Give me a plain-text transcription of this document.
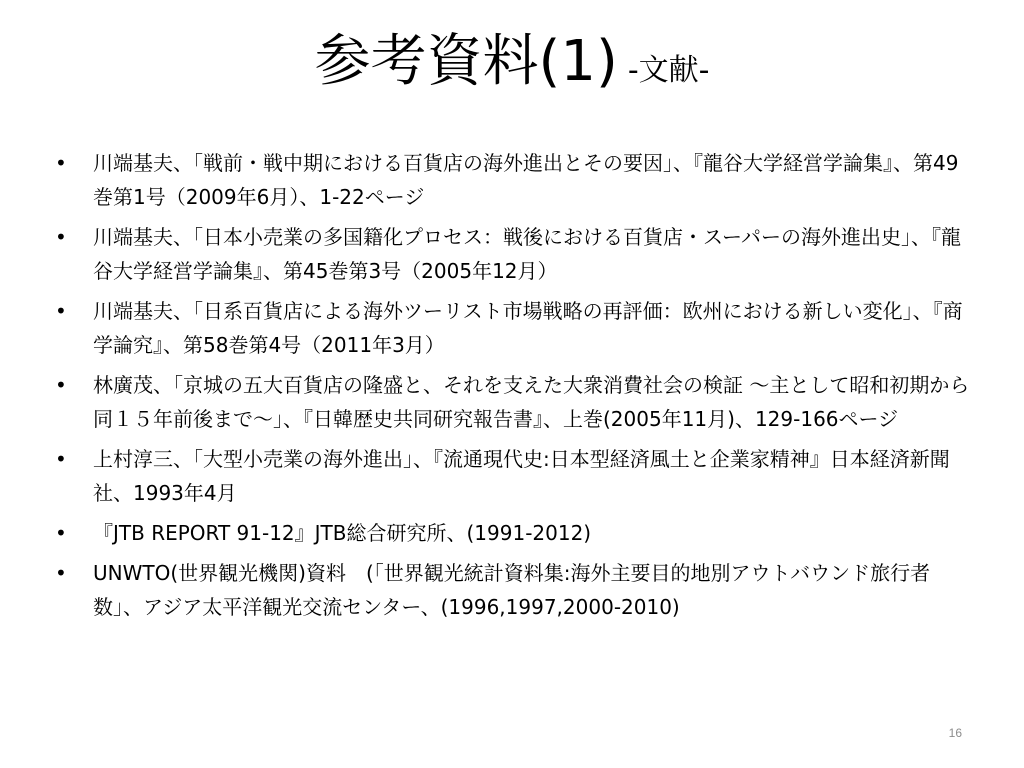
参考資料(1) -文献-
• 川端基夫、「戦前・戦中期における百貨店の海外進出とその要因」、『龍谷大学経営学論集』、第49巻第1号（2009年6月）、1-22ページ
• 川端基夫、「日本小売業の多国籍化プロセス：戦後における百貨店・スーパーの海外進出史」、『龍谷大学経営学論集』、第45巻第3号（2005年12月）
• 川端基夫、「日系百貨店による海外ツーリスト市場戦略の再評価：欧州における新しい変化」、『商学論究』、第58巻第4号（2011年3月）
• 林廣茂、「京城の五大百貨店の隆盛と、それを支えた大衆消費社会の検証 ～主として昭和初期から同１５年前後まで～」、『日韓歴史共同研究報告書』、上巻(2005年11月)、129-166ページ
• 上村淳三、「大型小売業の海外進出」、『流通現代史:日本型経済風土と企業家精神』日本経済新聞社、1993年4月
• 『JTB REPORT 91-12』JTB総合研究所、(1991-2012)
• UNWTO(世界観光機関)資料　(「世界観光統計資料集:海外主要目的地別アウトバウンド旅行者数」、アジア太平洋観光交流センター、(1996,1997,2000-2010)
16
